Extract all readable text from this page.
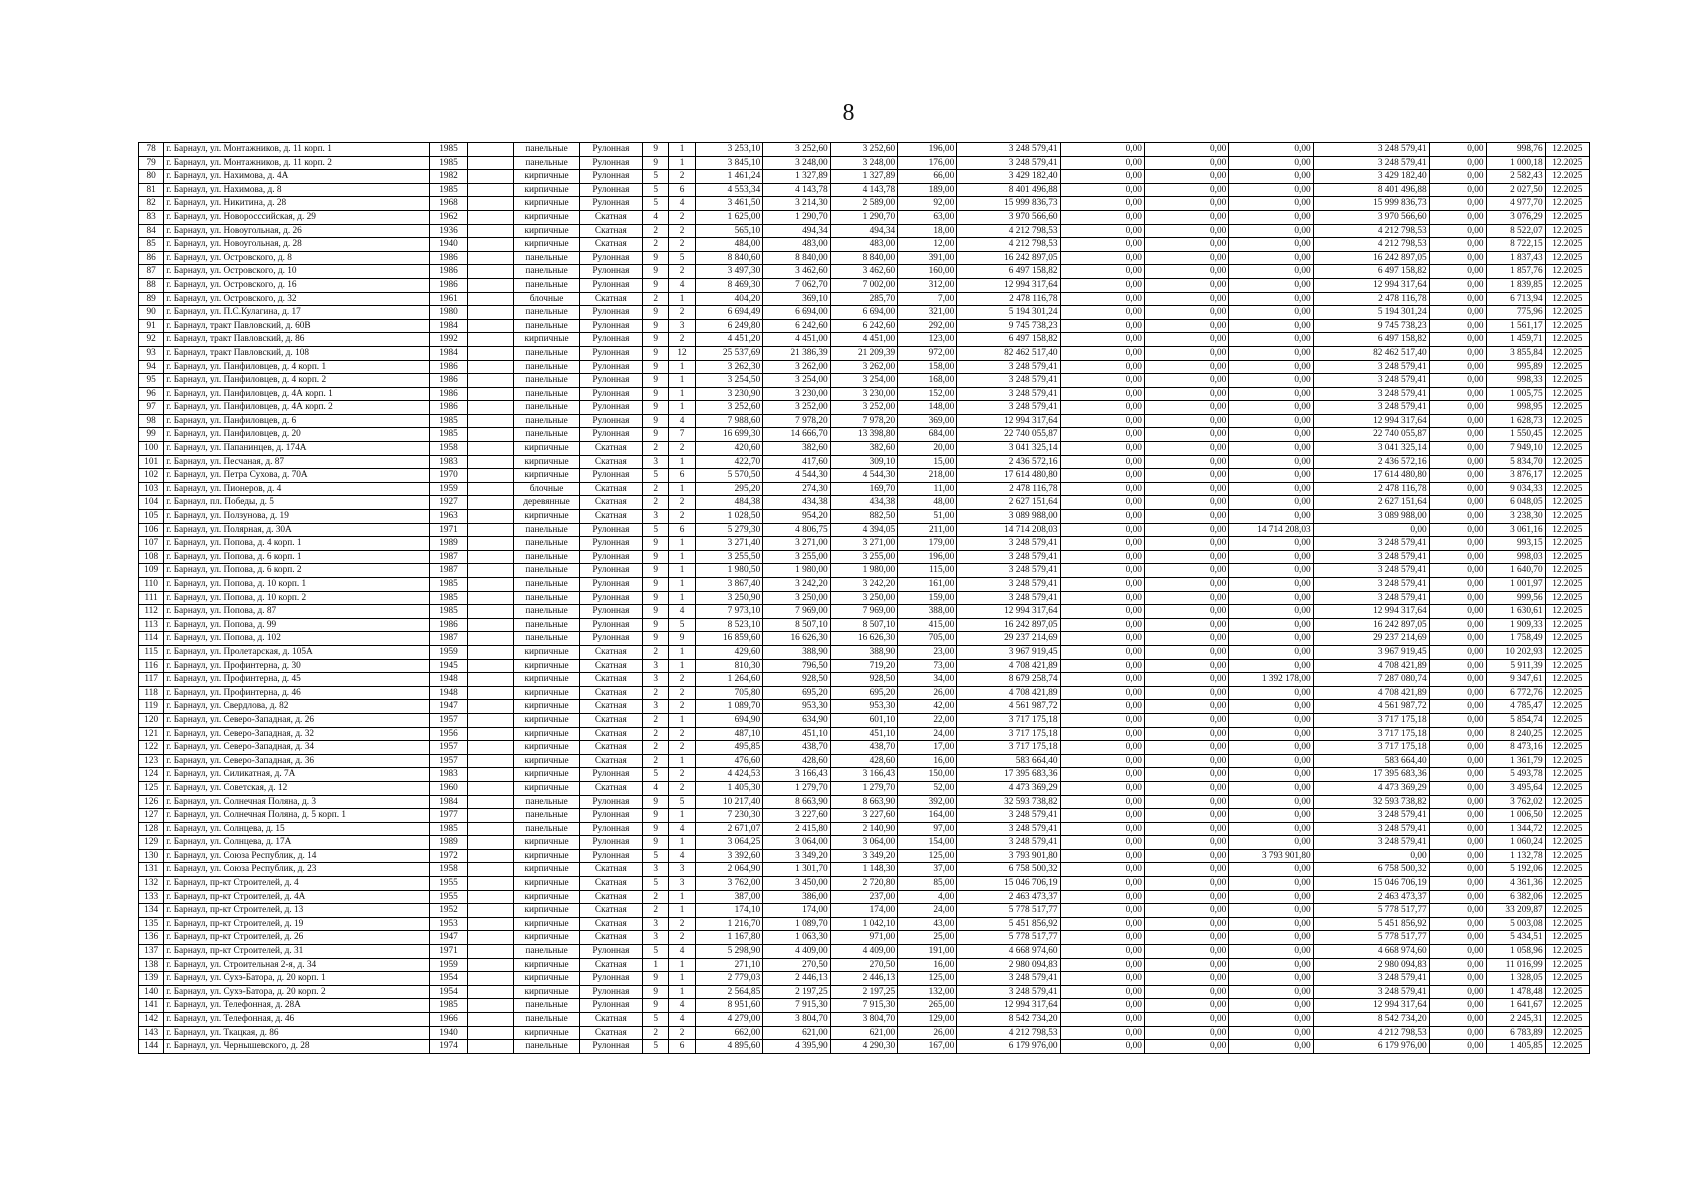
8
78	г. Барнаул, ул. Монтажников, д. 11 корп. 1	1985		панельные	Рулонная	9	1	3 253,10	3 252,60	3 252,60	196,00	3 248 579,41	0,00	0,00	0,00	3 248 579,41	0,00	998,76	12.2025
79	г. Барнаул, ул. Монтажников, д. 11 корп. 2	1985		панельные	Рулонная	9	1	3 845,10	3 248,00	3 248,00	176,00	3 248 579,41	0,00	0,00	0,00	3 248 579,41	0,00	1 000,18	12.2025
80	г. Барнаул, ул. Нахимова, д. 4А	1982		кирпичные	Рулонная	5	2	1 461,24	1 327,89	1 327,89	66,00	3 429 182,40	0,00	0,00	0,00	3 429 182,40	0,00	2 582,43	12.2025
81	г. Барнаул, ул. Нахимова, д. 8	1985		кирпичные	Рулонная	5	6	4 553,34	4 143,78	4 143,78	189,00	8 401 496,88	0,00	0,00	0,00	8 401 496,88	0,00	2 027,50	12.2025
82	г. Барнаул, ул. Никитина, д. 28	1968		кирпичные	Рулонная	5	4	3 461,50	3 214,30	2 589,00	92,00	15 999 836,73	0,00	0,00	0,00	15 999 836,73	0,00	4 977,70	12.2025
83	г. Барнаул, ул. Новоросссийская, д. 29	1962		кирпичные	Скатная	4	2	1 625,00	1 290,70	1 290,70	63,00	3 970 566,60	0,00	0,00	0,00	3 970 566,60	0,00	3 076,29	12.2025
84	г. Барнаул, ул. Новоугольная, д. 26	1936		кирпичные	Скатная	2	2	565,10	494,34	494,34	18,00	4 212 798,53	0,00	0,00	0,00	4 212 798,53	0,00	8 522,07	12.2025
85	г. Барнаул, ул. Новоугольная, д. 28	1940		кирпичные	Скатная	2	2	484,00	483,00	483,00	12,00	4 212 798,53	0,00	0,00	0,00	4 212 798,53	0,00	8 722,15	12.2025
86	г. Барнаул, ул. Островского, д. 8	1986		панельные	Рулонная	9	5	8 840,60	8 840,00	8 840,00	391,00	16 242 897,05	0,00	0,00	0,00	16 242 897,05	0,00	1 837,43	12.2025
87	г. Барнаул, ул. Островского, д. 10	1986		панельные	Рулонная	9	2	3 497,30	3 462,60	3 462,60	160,00	6 497 158,82	0,00	0,00	0,00	6 497 158,82	0,00	1 857,76	12.2025
88	г. Барнаул, ул. Островского, д. 16	1986		панельные	Рулонная	9	4	8 469,30	7 062,70	7 002,00	312,00	12 994 317,64	0,00	0,00	0,00	12 994 317,64	0,00	1 839,85	12.2025
89	г. Барнаул, ул. Островского, д. 32	1961		блочные	Скатная	2	1	404,20	369,10	285,70	7,00	2 478 116,78	0,00	0,00	0,00	2 478 116,78	0,00	6 713,94	12.2025
90	г. Барнаул, ул. П.С.Кулагина, д. 17	1980		панельные	Рулонная	9	2	6 694,49	6 694,00	6 694,00	321,00	5 194 301,24	0,00	0,00	0,00	5 194 301,24	0,00	775,96	12.2025
91	г. Барнаул, тракт Павловский, д. 60В	1984		панельные	Рулонная	9	3	6 249,80	6 242,60	6 242,60	292,00	9 745 738,23	0,00	0,00	0,00	9 745 738,23	0,00	1 561,17	12.2025
92	г. Барнаул, тракт Павловский, д. 86	1992		кирпичные	Рулонная	9	2	4 451,20	4 451,00	4 451,00	123,00	6 497 158,82	0,00	0,00	0,00	6 497 158,82	0,00	1 459,71	12.2025
93	г. Барнаул, тракт Павловский, д. 108	1984		панельные	Рулонная	9	12	25 537,69	21 386,39	21 209,39	972,00	82 462 517,40	0,00	0,00	0,00	82 462 517,40	0,00	3 855,84	12.2025
94	г. Барнаул, ул. Панфиловцев, д. 4 корп. 1	1986		панельные	Рулонная	9	1	3 262,30	3 262,00	3 262,00	158,00	3 248 579,41	0,00	0,00	0,00	3 248 579,41	0,00	995,89	12.2025
95	г. Барнаул, ул. Панфиловцев, д. 4 корп. 2	1986		панельные	Рулонная	9	1	3 254,50	3 254,00	3 254,00	168,00	3 248 579,41	0,00	0,00	0,00	3 248 579,41	0,00	998,33	12.2025
96	г. Барнаул, ул. Панфиловцев, д. 4А корп. 1	1986		панельные	Рулонная	9	1	3 230,90	3 230,00	3 230,00	152,00	3 248 579,41	0,00	0,00	0,00	3 248 579,41	0,00	1 005,75	12.2025
97	г. Барнаул, ул. Панфиловцев, д. 4А корп. 2	1986		панельные	Рулонная	9	1	3 252,60	3 252,00	3 252,00	148,00	3 248 579,41	0,00	0,00	0,00	3 248 579,41	0,00	998,95	12.2025
98	г. Барнаул, ул. Панфиловцев, д. 6	1985		панельные	Рулонная	9	4	7 988,60	7 978,20	7 978,20	369,00	12 994 317,64	0,00	0,00	0,00	12 994 317,64	0,00	1 628,73	12.2025
99	г. Барнаул, ул. Панфиловцев, д. 20	1985		панельные	Рулонная	9	7	16 699,30	14 666,70	13 398,80	684,00	22 740 055,87	0,00	0,00	0,00	22 740 055,87	0,00	1 550,45	12.2025
100	г. Барнаул, ул. Папанинцев, д. 174А	1958		кирпичные	Скатная	2	2	420,60	382,60	382,60	20,00	3 041 325,14	0,00	0,00	0,00	3 041 325,14	0,00	7 949,10	12.2025
101	г. Барнаул, ул. Песчаная, д. 87	1983		кирпичные	Скатная	3	1	422,70	417,60	309,10	15,00	2 436 572,16	0,00	0,00	0,00	2 436 572,16	0,00	5 834,70	12.2025
102	г. Барнаул, ул. Петра Сухова, д. 70А	1970		кирпичные	Рулонная	5	6	5 570,50	4 544,30	4 544,30	218,00	17 614 480,80	0,00	0,00	0,00	17 614 480,80	0,00	3 876,17	12.2025
103	г. Барнаул, ул. Пионеров, д. 4	1959		блочные	Скатная	2	1	295,20	274,30	169,70	11,00	2 478 116,78	0,00	0,00	0,00	2 478 116,78	0,00	9 034,33	12.2025
104	г. Барнаул, пл. Победы, д. 5	1927		деревянные	Скатная	2	2	484,38	434,38	434,38	48,00	2 627 151,64	0,00	0,00	0,00	2 627 151,64	0,00	6 048,05	12.2025
105	г. Барнаул, ул. Ползунова, д. 19	1963		кирпичные	Скатная	3	2	1 028,50	954,20	882,50	51,00	3 089 988,00	0,00	0,00	0,00	3 089 988,00	0,00	3 238,30	12.2025
106	г. Барнаул, ул. Полярная, д. 30А	1971		панельные	Рулонная	5	6	5 279,30	4 806,75	4 394,05	211,00	14 714 208,03	0,00	0,00	14 714 208,03	0,00	0,00	3 061,16	12.2025
107	г. Барнаул, ул. Попова, д. 4 корп. 1	1989		панельные	Рулонная	9	1	3 271,40	3 271,00	3 271,00	179,00	3 248 579,41	0,00	0,00	0,00	3 248 579,41	0,00	993,15	12.2025
108	г. Барнаул, ул. Попова, д. 6 корп. 1	1987		панельные	Рулонная	9	1	3 255,50	3 255,00	3 255,00	196,00	3 248 579,41	0,00	0,00	0,00	3 248 579,41	0,00	998,03	12.2025
109	г. Барнаул, ул. Попова, д. 6 корп. 2	1987		панельные	Рулонная	9	1	1 980,50	1 980,00	1 980,00	115,00	3 248 579,41	0,00	0,00	0,00	3 248 579,41	0,00	1 640,70	12.2025
110	г. Барнаул, ул. Попова, д. 10 корп. 1	1985		панельные	Рулонная	9	1	3 867,40	3 242,20	3 242,20	161,00	3 248 579,41	0,00	0,00	0,00	3 248 579,41	0,00	1 001,97	12.2025
111	г. Барнаул, ул. Попова, д. 10 корп. 2	1985		панельные	Рулонная	9	1	3 250,90	3 250,00	3 250,00	159,00	3 248 579,41	0,00	0,00	0,00	3 248 579,41	0,00	999,56	12.2025
112	г. Барнаул, ул. Попова, д. 87	1985		панельные	Рулонная	9	4	7 973,10	7 969,00	7 969,00	388,00	12 994 317,64	0,00	0,00	0,00	12 994 317,64	0,00	1 630,61	12.2025
113	г. Барнаул, ул. Попова, д. 99	1986		панельные	Рулонная	9	5	8 523,10	8 507,10	8 507,10	415,00	16 242 897,05	0,00	0,00	0,00	16 242 897,05	0,00	1 909,33	12.2025
114	г. Барнаул, ул. Попова, д. 102	1987		панельные	Рулонная	9	9	16 859,60	16 626,30	16 626,30	705,00	29 237 214,69	0,00	0,00	0,00	29 237 214,69	0,00	1 758,49	12.2025
115	г. Барнаул, ул. Пролетарская, д. 105А	1959		кирпичные	Скатная	2	1	429,60	388,90	388,90	23,00	3 967 919,45	0,00	0,00	0,00	3 967 919,45	0,00	10 202,93	12.2025
116	г. Барнаул, ул. Профинтерна, д. 30	1945		кирпичные	Скатная	3	1	810,30	796,50	719,20	73,00	4 708 421,89	0,00	0,00	0,00	4 708 421,89	0,00	5 911,39	12.2025
117	г. Барнаул, ул. Профинтерна, д. 45	1948		кирпичные	Скатная	3	2	1 264,60	928,50	928,50	34,00	8 679 258,74	0,00	0,00	1 392 178,00	7 287 080,74	0,00	9 347,61	12.2025
118	г. Барнаул, ул. Профинтерна, д. 46	1948		кирпичные	Скатная	2	2	705,80	695,20	695,20	26,00	4 708 421,89	0,00	0,00	0,00	4 708 421,89	0,00	6 772,76	12.2025
119	г. Барнаул, ул. Свердлова, д. 82	1947		кирпичные	Скатная	3	2	1 089,70	953,30	953,30	42,00	4 561 987,72	0,00	0,00	0,00	4 561 987,72	0,00	4 785,47	12.2025
120	г. Барнаул, ул. Северо-Западная, д. 26	1957		кирпичные	Скатная	2	1	694,90	634,90	601,10	22,00	3 717 175,18	0,00	0,00	0,00	3 717 175,18	0,00	5 854,74	12.2025
121	г. Барнаул, ул. Северо-Западная, д. 32	1956		кирпичные	Скатная	2	2	487,10	451,10	451,10	24,00	3 717 175,18	0,00	0,00	0,00	3 717 175,18	0,00	8 240,25	12.2025
122	г. Барнаул, ул. Северо-Западная, д. 34	1957		кирпичные	Скатная	2	2	495,85	438,70	438,70	17,00	3 717 175,18	0,00	0,00	0,00	3 717 175,18	0,00	8 473,16	12.2025
123	г. Барнаул, ул. Северо-Западная, д. 36	1957		кирпичные	Скатная	2	1	476,60	428,60	428,60	16,00	583 664,40	0,00	0,00	0,00	583 664,40	0,00	1 361,79	12.2025
124	г. Барнаул, ул. Силикатная, д. 7А	1983		кирпичные	Рулонная	5	2	4 424,53	3 166,43	3 166,43	150,00	17 395 683,36	0,00	0,00	0,00	17 395 683,36	0,00	5 493,78	12.2025
125	г. Барнаул, ул. Советская, д. 12	1960		кирпичные	Скатная	4	2	1 405,30	1 279,70	1 279,70	52,00	4 473 369,29	0,00	0,00	0,00	4 473 369,29	0,00	3 495,64	12.2025
126	г. Барнаул, ул. Солнечная Поляна, д. 3	1984		панельные	Рулонная	9	5	10 217,40	8 663,90	8 663,90	392,00	32 593 738,82	0,00	0,00	0,00	32 593 738,82	0,00	3 762,02	12.2025
127	г. Барнаул, ул. Солнечная Поляна, д. 5 корп. 1	1977		панельные	Рулонная	9	1	7 230,30	3 227,60	3 227,60	164,00	3 248 579,41	0,00	0,00	0,00	3 248 579,41	0,00	1 006,50	12.2025
128	г. Барнаул, ул. Солнцева, д. 15	1985		панельные	Рулонная	9	4	2 671,07	2 415,80	2 140,90	97,00	3 248 579,41	0,00	0,00	0,00	3 248 579,41	0,00	1 344,72	12.2025
129	г. Барнаул, ул. Солнцева, д. 17А	1989		кирпичные	Рулонная	9	1	3 064,25	3 064,00	3 064,00	154,00	3 248 579,41	0,00	0,00	0,00	3 248 579,41	0,00	1 060,24	12.2025
130	г. Барнаул, ул. Союза Республик, д. 14	1972		кирпичные	Рулонная	5	4	3 392,60	3 349,20	3 349,20	125,00	3 793 901,80	0,00	0,00	3 793 901,80	0,00	0,00	1 132,78	12.2025
131	г. Барнаул, ул. Союза Республик, д. 23	1958		кирпичные	Скатная	3	3	2 064,90	1 301,70	1 148,30	37,00	6 758 500,32	0,00	0,00	0,00	6 758 500,32	0,00	5 192,06	12.2025
132	г. Барнаул, пр-кт Строителей, д. 4	1955		кирпичные	Скатная	5	3	3 762,00	3 450,00	2 720,80	85,00	15 046 706,19	0,00	0,00	0,00	15 046 706,19	0,00	4 361,36	12.2025
133	г. Барнаул, пр-кт Строителей, д. 4А	1955		кирпичные	Скатная	2	1	387,00	386,00	237,00	4,00	2 463 473,37	0,00	0,00	0,00	2 463 473,37	0,00	6 382,06	12.2025
134	г. Барнаул, пр-кт Строителей, д. 13	1952		кирпичные	Скатная	2	1	174,10	174,00	174,00	24,00	5 778 517,77	0,00	0,00	0,00	5 778 517,77	0,00	33 209,87	12.2025
135	г. Барнаул, пр-кт Строителей, д. 19	1953		кирпичные	Скатная	3	2	1 216,70	1 089,70	1 042,10	43,00	5 451 856,92	0,00	0,00	0,00	5 451 856,92	0,00	5 003,08	12.2025
136	г. Барнаул, пр-кт Строителей, д. 26	1947		кирпичные	Скатная	3	2	1 167,80	1 063,30	971,00	25,00	5 778 517,77	0,00	0,00	0,00	5 778 517,77	0,00	5 434,51	12.2025
137	г. Барнаул, пр-кт Строителей, д. 31	1971		панельные	Рулонная	5	4	5 298,90	4 409,00	4 409,00	191,00	4 668 974,60	0,00	0,00	0,00	4 668 974,60	0,00	1 058,96	12.2025
138	г. Барнаул, ул. Строительная 2-я, д. 34	1959		кирпичные	Скатная	1	1	271,10	270,50	270,50	16,00	2 980 094,83	0,00	0,00	0,00	2 980 094,83	0,00	11 016,99	12.2025
139	г. Барнаул, ул. Сухэ-Батора, д. 20 корп. 1	1954		кирпичные	Рулонная	9	1	2 779,03	2 446,13	2 446,13	125,00	3 248 579,41	0,00	0,00	0,00	3 248 579,41	0,00	1 328,05	12.2025
140	г. Барнаул, ул. Сухэ-Батора, д. 20 корп. 2	1954		кирпичные	Рулонная	9	1	2 564,85	2 197,25	2 197,25	132,00	3 248 579,41	0,00	0,00	0,00	3 248 579,41	0,00	1 478,48	12.2025
141	г. Барнаул, ул. Телефонная, д. 28А	1985		панельные	Рулонная	9	4	8 951,60	7 915,30	7 915,30	265,00	12 994 317,64	0,00	0,00	0,00	12 994 317,64	0,00	1 641,67	12.2025
142	г. Барнаул, ул. Телефонная, д. 46	1966		панельные	Скатная	5	4	4 279,00	3 804,70	3 804,70	129,00	8 542 734,20	0,00	0,00	0,00	8 542 734,20	0,00	2 245,31	12.2025
143	г. Барнаул, ул. Ткацкая, д. 86	1940		кирпичные	Скатная	2	2	662,00	621,00	621,00	26,00	4 212 798,53	0,00	0,00	0,00	4 212 798,53	0,00	6 783,89	12.2025
144	г. Барнаул, ул. Чернышевского, д. 28	1974		панельные	Рулонная	5	6	4 895,60	4 395,90	4 290,30	167,00	6 179 976,00	0,00	0,00	0,00	6 179 976,00	0,00	1 405,85	12.2025
